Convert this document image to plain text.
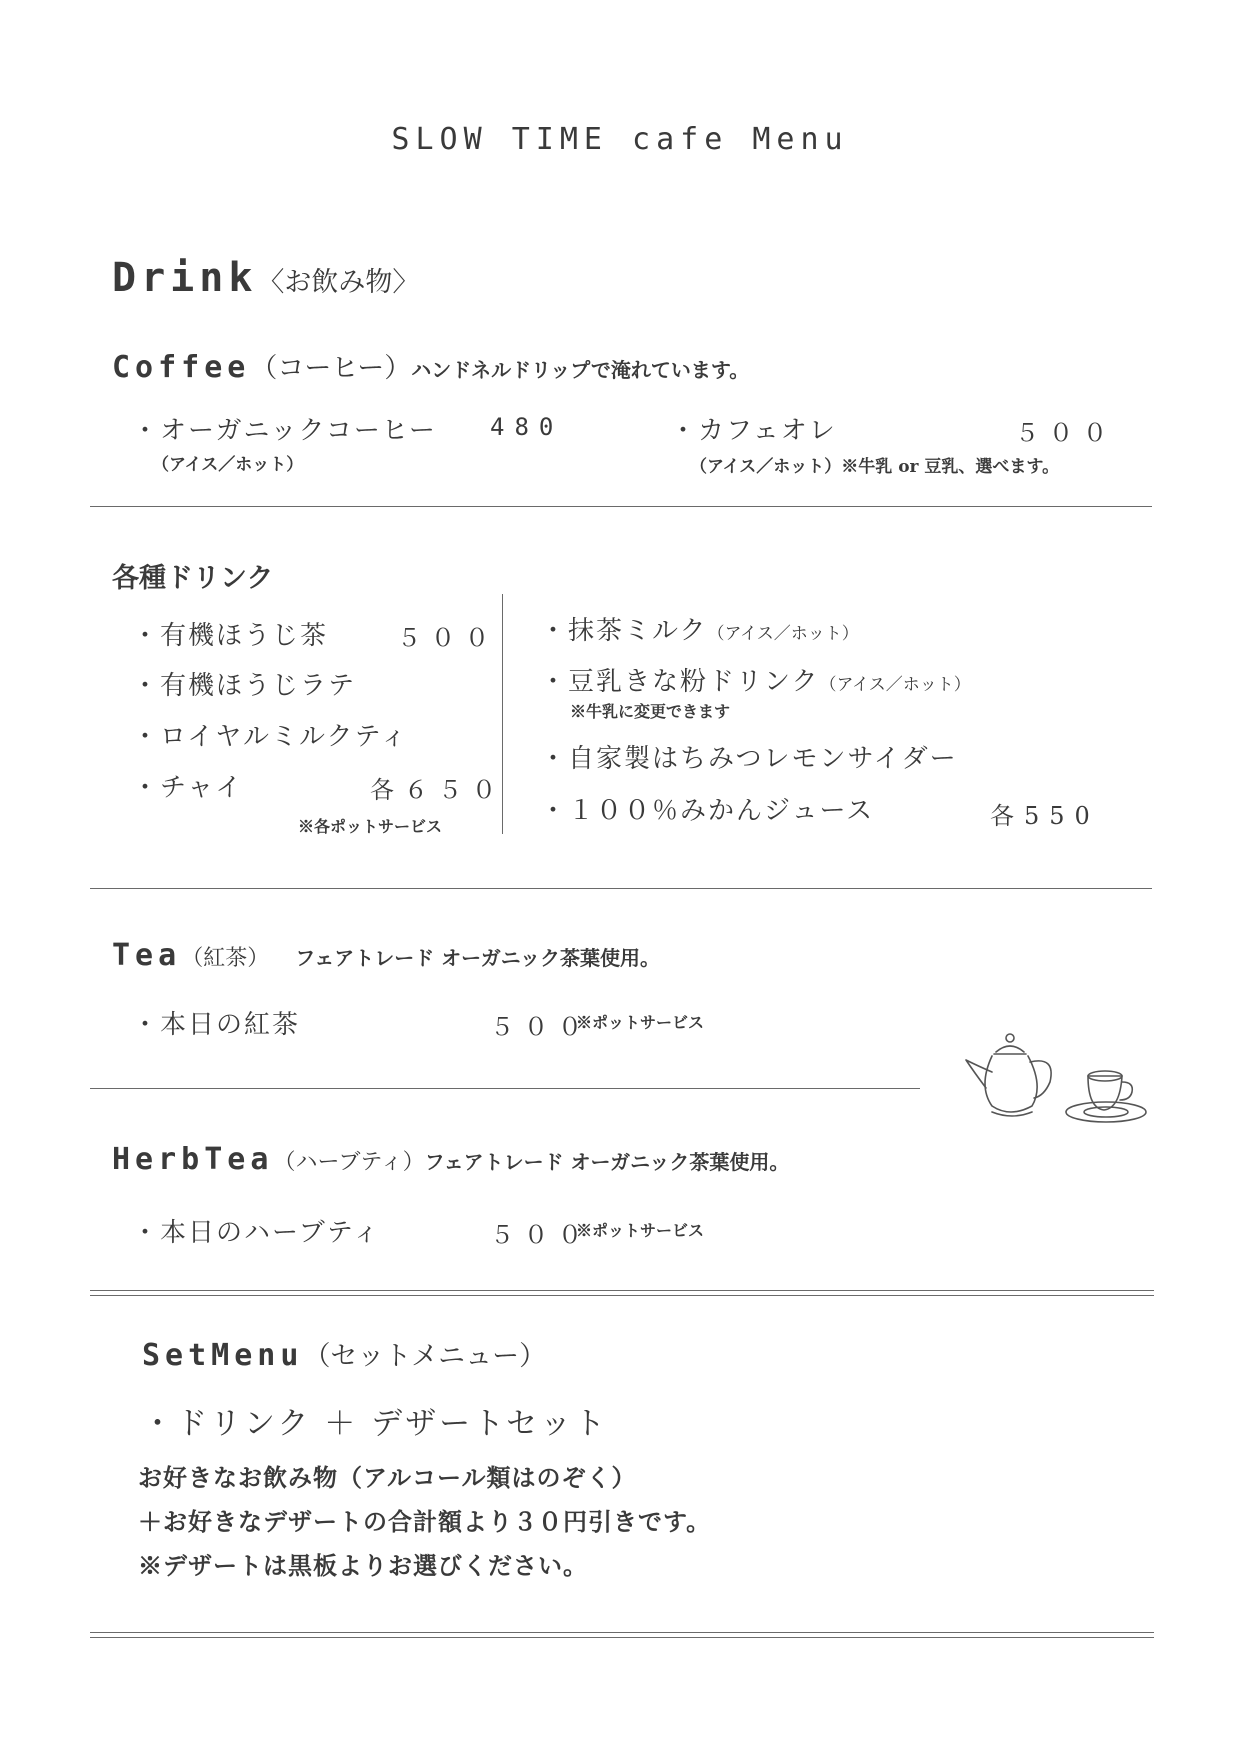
SLOW TIME cafe Menu
Drink〈お飲み物〉
Coffee（コーヒー）ハンドネルドリップで淹れています。
・オーガニックコーヒー 480
（アイス／ホット）
・カフェオレ	５００
（アイス／ホット）※牛乳 or 豆乳、選べます。
各種ドリンク
・有機ほうじ茶	５００
・有機ほうじラテ
・ロイヤルミルクティ
・チャイ	各６５０
※各ポットサービス
・抹茶ミルク（アイス／ホット）
・豆乳きな粉ドリンク（アイス／ホット）
※牛乳に変更できます
・自家製はちみつレモンサイダー
・１００％みかんジュース	各550
Tea（紅茶） フェアトレード オーガニック茶葉使用。
・本日の紅茶	５００
※ポットサービス
HerbTea（ハーブティ）フェアトレード オーガニック茶葉使用。
・本日のハーブティ	５００
※ポットサービス
SetMenu（セットメニュー）
・ドリンク ＋ デザートセット
お好きなお飲み物（アルコール類はのぞく）
＋お好きなデザートの合計額より３０円引きです。
※デザートは黒板よりお選びください。
